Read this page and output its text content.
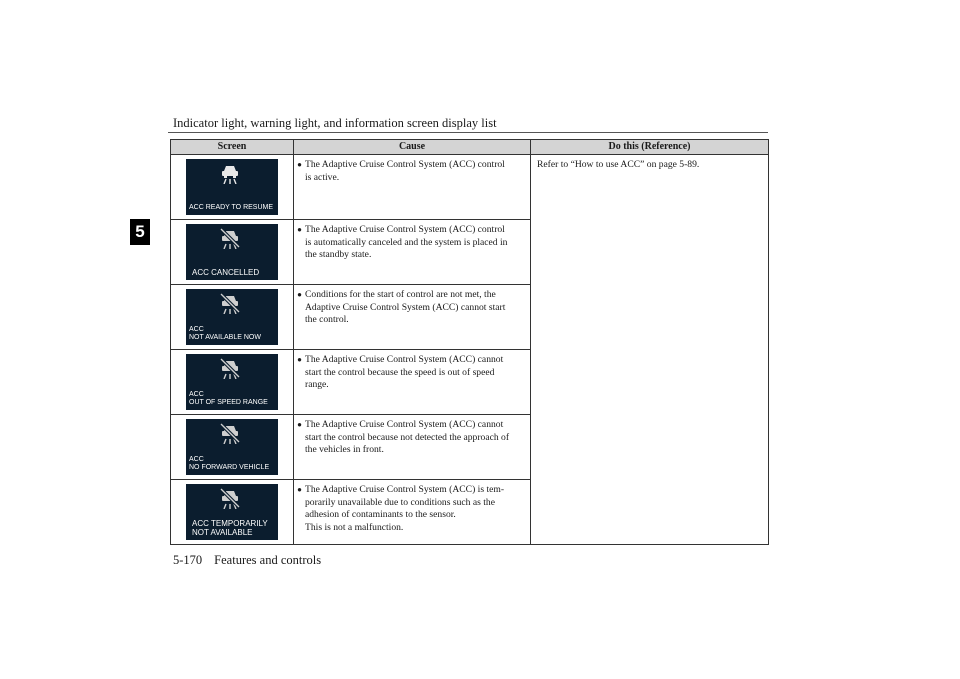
Indicator light, warning light, and information screen display list
5
Screen	Cause	Do this (Reference)

ACC READY TO RESUME	● The Adaptive Cruise Control System (ACC) control
is active.	Refer to “How to use ACC” on page 5-89.

ACC CANCELLED	● The Adaptive Cruise Control System (ACC) control
is automatically canceled and the system is placed in
the standby state.	

ACC
NOT AVAILABLE NOW	● Conditions for the start of control are not met, the
Adaptive Cruise Control System (ACC) cannot start
the control.	

ACC
OUT OF SPEED RANGE	● The Adaptive Cruise Control System (ACC) cannot
start the control because the speed is out of speed
range.	

ACC
NO FORWARD VEHICLE	● The Adaptive Cruise Control System (ACC) cannot
start the control because not detected the approach of
the vehicles in front.	

ACC TEMPORARILY
NOT AVAILABLE	● The Adaptive Cruise Control System (ACC) is tem-
porarily unavailable due to conditions such as the
adhesion of contaminants to the sensor.
This is not a malfunction.	
5-170 Features and controls
